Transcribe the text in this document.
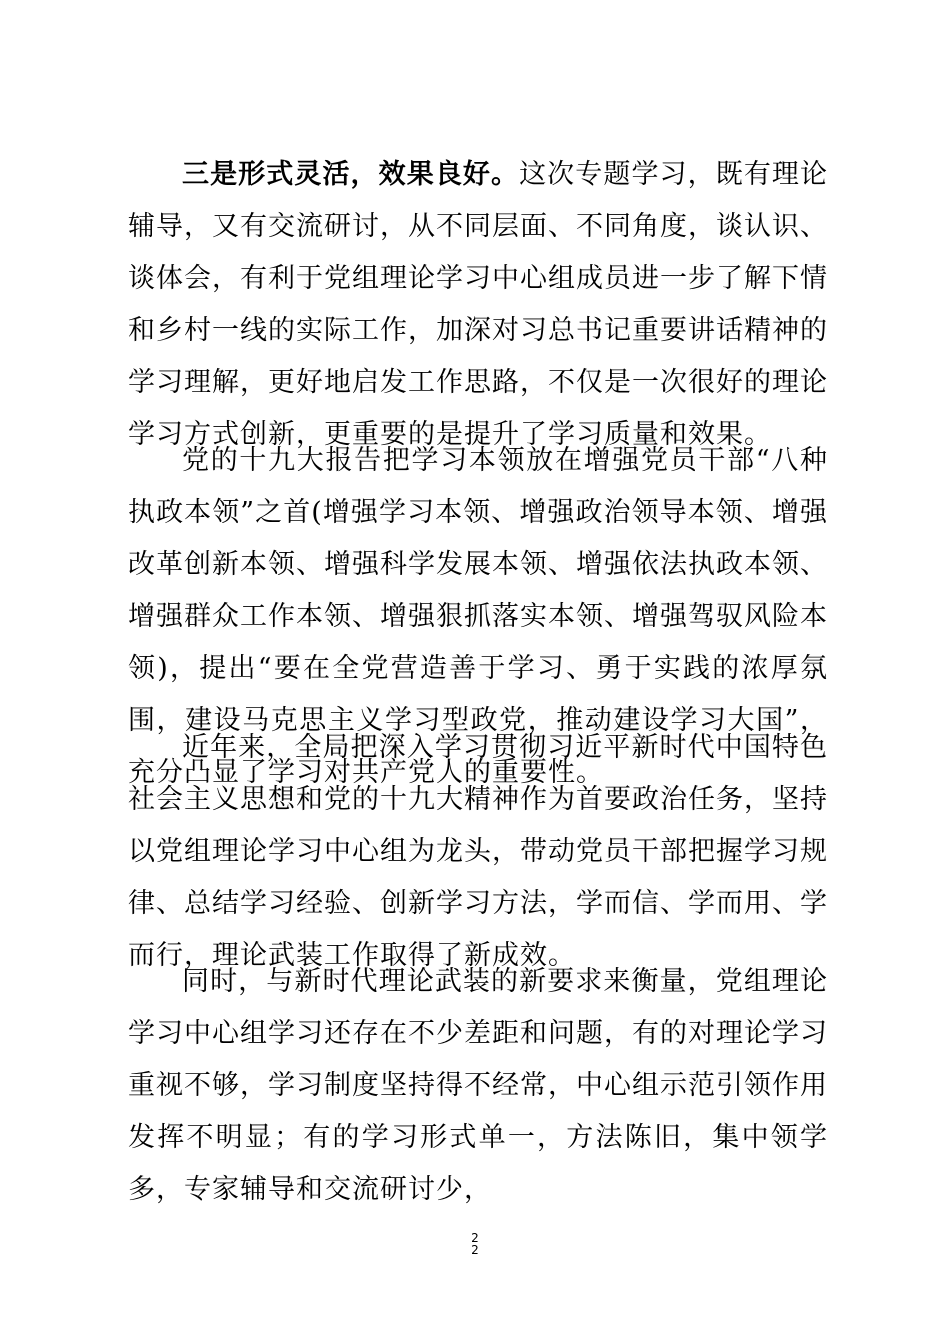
三是形式灵活，效果良好。这次专题学习，既有理论辅导，又有交流研讨，从不同层面、不同角度，谈认识、谈体会，有利于党组理论学习中心组成员进一步了解下情和乡村一线的实际工作，加深对习总书记重要讲话精神的学习理解，更好地启发工作思路，不仅是一次很好的理论学习方式创新，更重要的是提升了学习质量和效果。

党的十九大报告把学习本领放在增强党员干部“八种执政本领”之首(增强学习本领、增强政治领导本领、增强改革创新本领、增强科学发展本领、增强依法执政本领、增强群众工作本领、增强狠抓落实本领、增强驾驭风险本领)，提出“要在全党营造善于学习、勇于实践的浓厚氛围，建设马克思主义学习型政党，推动建设学习大国”，充分凸显了学习对共产党人的重要性。

近年来，全局把深入学习贯彻习近平新时代中国特色社会主义思想和党的十九大精神作为首要政治任务，坚持以党组理论学习中心组为龙头，带动党员干部把握学习规律、总结学习经验、创新学习方法，学而信、学而用、学而行，理论武装工作取得了新成效。

同时，与新时代理论武装的新要求来衡量，党组理论学习中心组学习还存在不少差距和问题，有的对理论学习重视不够，学习制度坚持得不经常，中心组示范引领作用发挥不明显；有的学习形式单一，方法陈旧，集中领学多，专家辅导和交流研讨少，

2
2
